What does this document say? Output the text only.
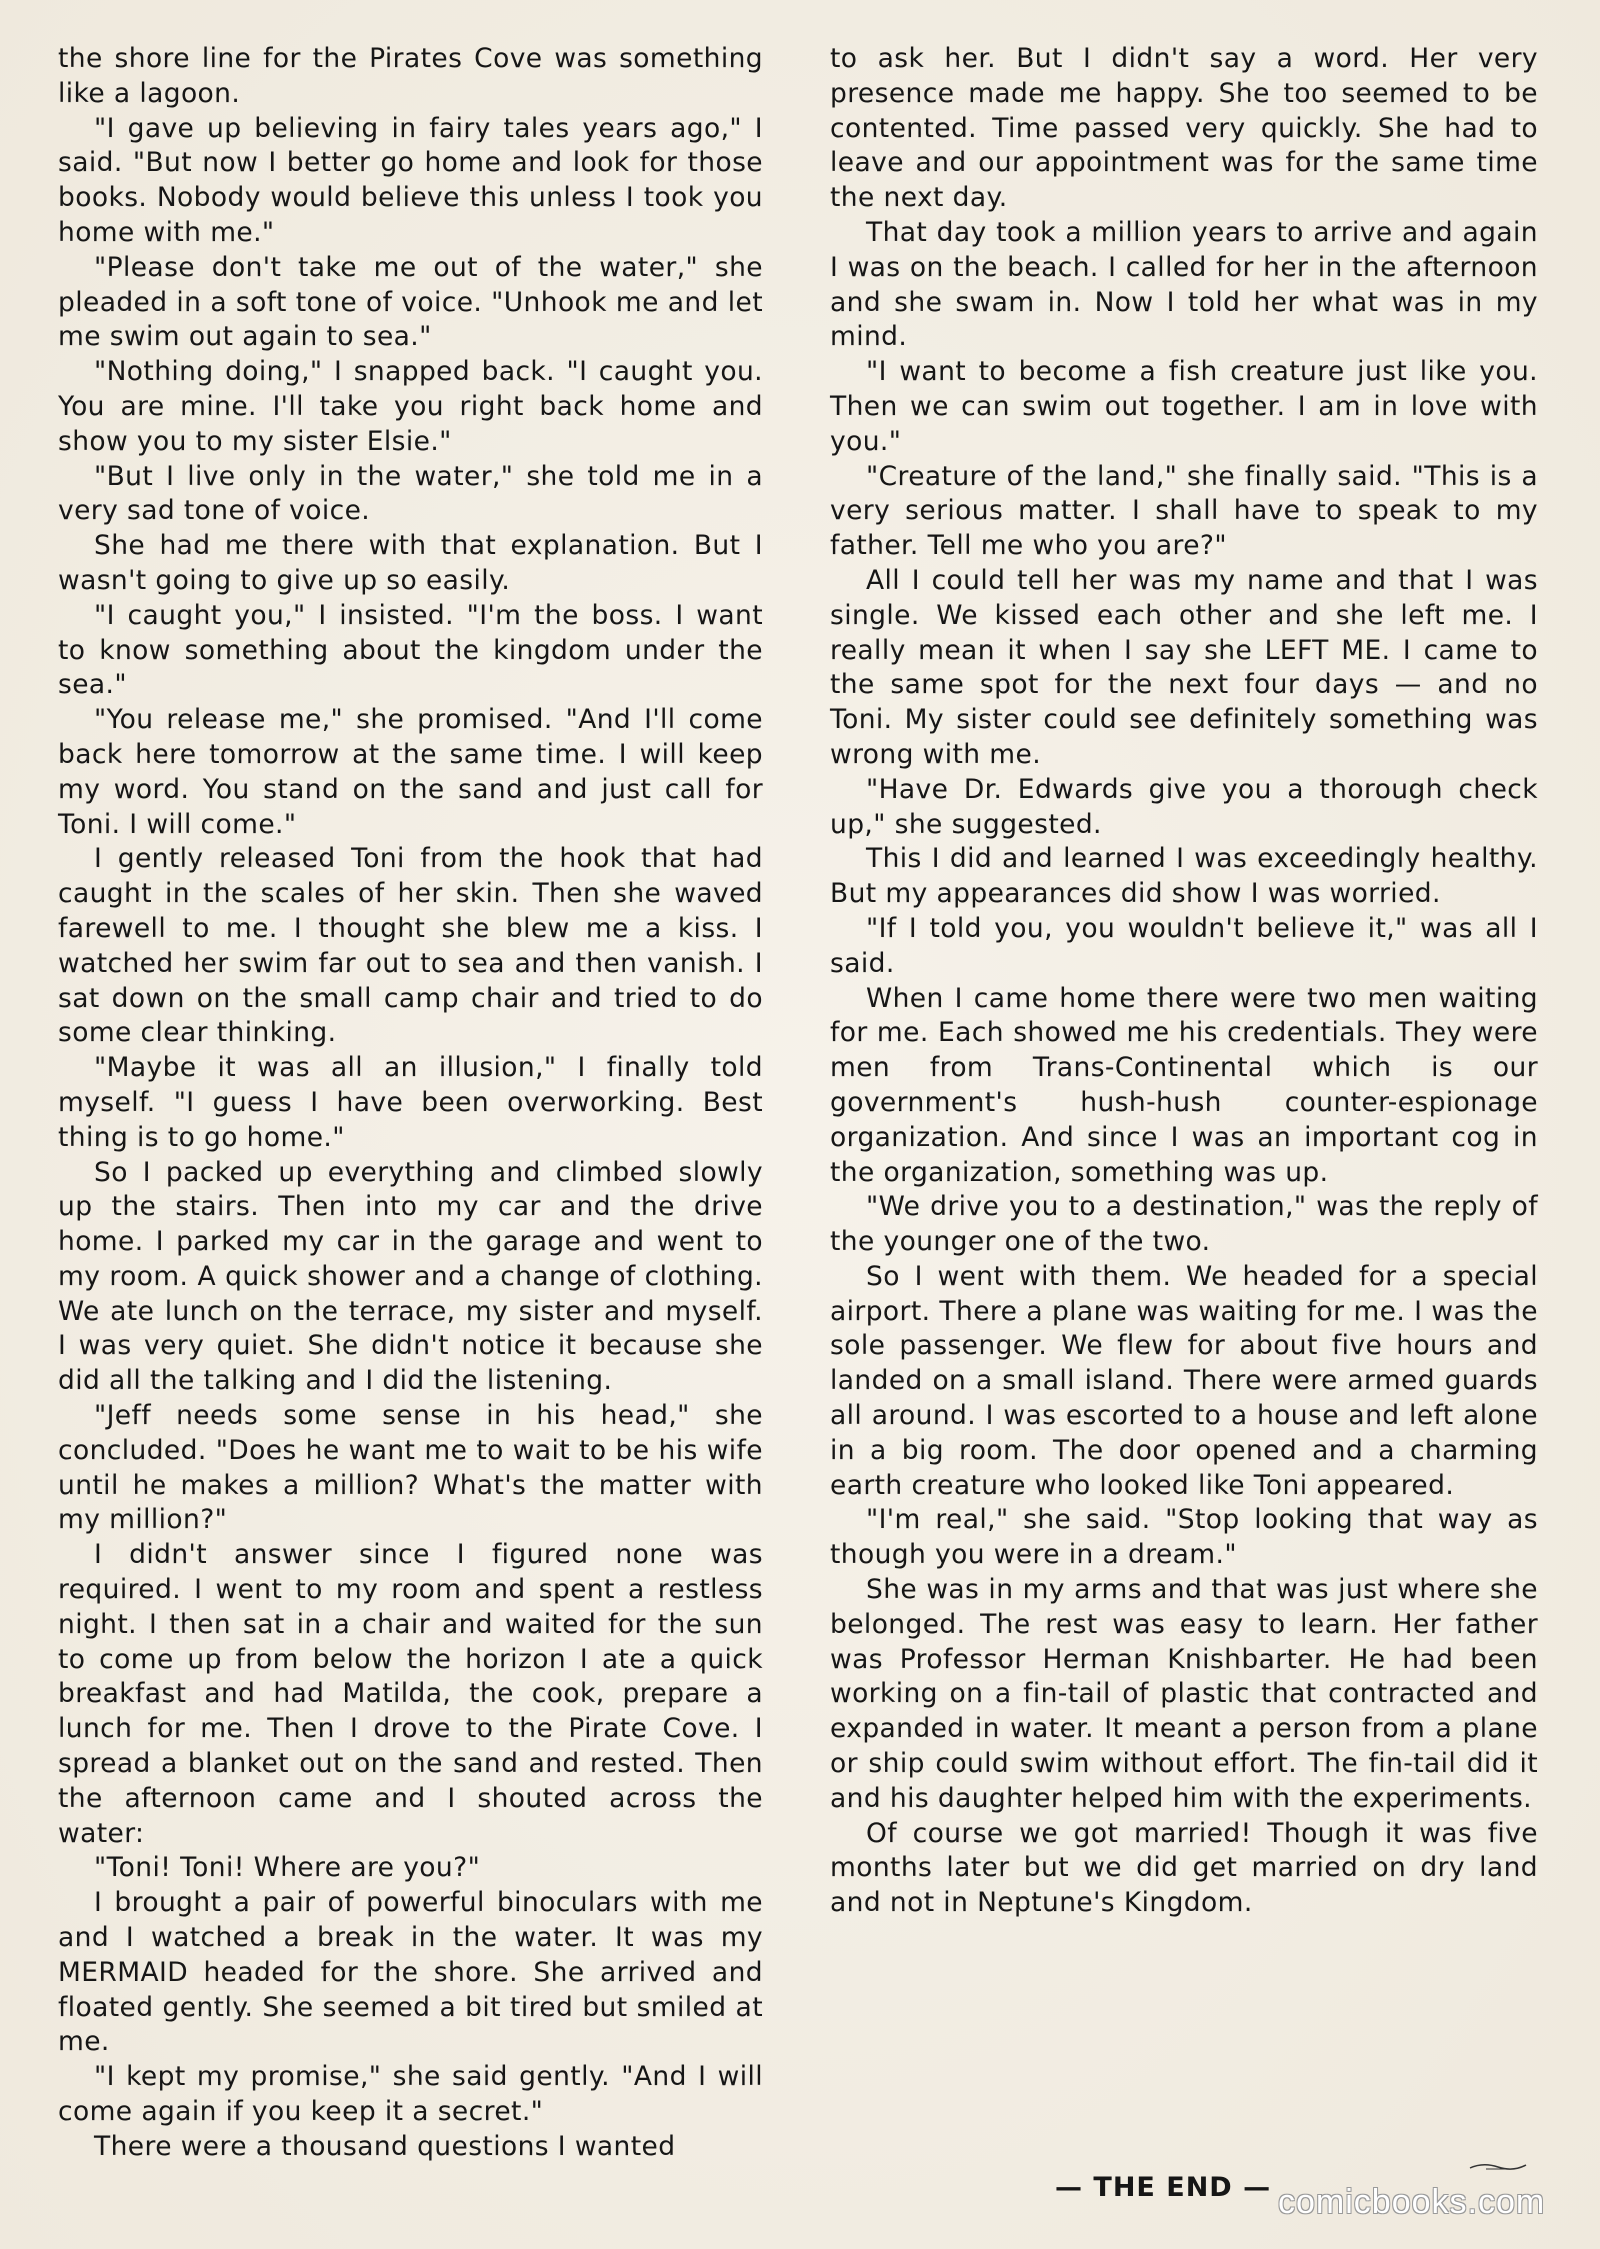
the shore line for the Pirates Cove was something like a lagoon.

"I gave up believing in fairy tales years ago," I said. "But now I better go home and look for those books. Nobody would believe this unless I took you home with me."

"Please don't take me out of the water," she pleaded in a soft tone of voice. "Unhook me and let me swim out again to sea."

"Nothing doing," I snapped back. "I caught you. You are mine. I'll take you right back home and show you to my sister Elsie."

"But I live only in the water," she told me in a very sad tone of voice.

She had me there with that explanation. But I wasn't going to give up so easily.

"I caught you," I insisted. "I'm the boss. I want to know something about the kingdom under the sea."

"You release me," she promised. "And I'll come back here tomorrow at the same time. I will keep my word. You stand on the sand and just call for Toni. I will come."

I gently released Toni from the hook that had caught in the scales of her skin. Then she waved farewell to me. I thought she blew me a kiss. I watched her swim far out to sea and then vanish. I sat down on the small camp chair and tried to do some clear thinking.

"Maybe it was all an illusion," I finally told myself. "I guess I have been overworking. Best thing is to go home."

So I packed up everything and climbed slowly up the stairs. Then into my car and the drive home. I parked my car in the garage and went to my room. A quick shower and a change of clothing. We ate lunch on the terrace, my sister and myself. I was very quiet. She didn't notice it because she did all the talking and I did the listening.

"Jeff needs some sense in his head," she concluded. "Does he want me to wait to be his wife until he makes a million? What's the matter with my million?"

I didn't answer since I figured none was required. I went to my room and spent a restless night. I then sat in a chair and waited for the sun to come up from below the horizon I ate a quick breakfast and had Matilda, the cook, prepare a lunch for me. Then I drove to the Pirate Cove. I spread a blanket out on the sand and rested. Then the afternoon came and I shouted across the water:

"Toni! Toni! Where are you?"

I brought a pair of powerful binoculars with me and I watched a break in the water. It was my MERMAID headed for the shore. She arrived and floated gently. She seemed a bit tired but smiled at me.

"I kept my promise," she said gently. "And I will come again if you keep it a secret."

There were a thousand questions I wanted

to ask her. But I didn't say a word. Her very presence made me happy. She too seemed to be contented. Time passed very quickly. She had to leave and our appointment was for the same time the next day.

That day took a million years to arrive and again I was on the beach. I called for her in the afternoon and she swam in. Now I told her what was in my mind.

"I want to become a fish creature just like you. Then we can swim out together. I am in love with you."

"Creature of the land," she finally said. "This is a very serious matter. I shall have to speak to my father. Tell me who you are?"

All I could tell her was my name and that I was single. We kissed each other and she left me. I really mean it when I say she LEFT ME. I came to the same spot for the next four days — and no Toni. My sister could see definitely something was wrong with me.

"Have Dr. Edwards give you a thorough check up," she suggested.

This I did and learned I was exceedingly healthy. But my appearances did show I was worried.

"If I told you, you wouldn't believe it," was all I said.

When I came home there were two men waiting for me. Each showed me his credentials. They were men from Trans-Continental which is our government's hush-hush counter-espionage organization. And since I was an important cog in the organization, something was up.

"We drive you to a destination," was the reply of the younger one of the two.

So I went with them. We headed for a special airport. There a plane was waiting for me. I was the sole passenger. We flew for about five hours and landed on a small island. There were armed guards all around. I was escorted to a house and left alone in a big room. The door opened and a charming earth creature who looked like Toni appeared.

"I'm real," she said. "Stop looking that way as though you were in a dream."

She was in my arms and that was just where she belonged. The rest was easy to learn. Her father was Professor Herman Knishbarter. He had been working on a fin-tail of plastic that contracted and expanded in water. It meant a person from a plane or ship could swim without effort. The fin-tail did it and his daughter helped him with the experiments.

Of course we got married! Though it was five months later but we did get married on dry land and not in Neptune's Kingdom.

— THE END — comicbooks.com
